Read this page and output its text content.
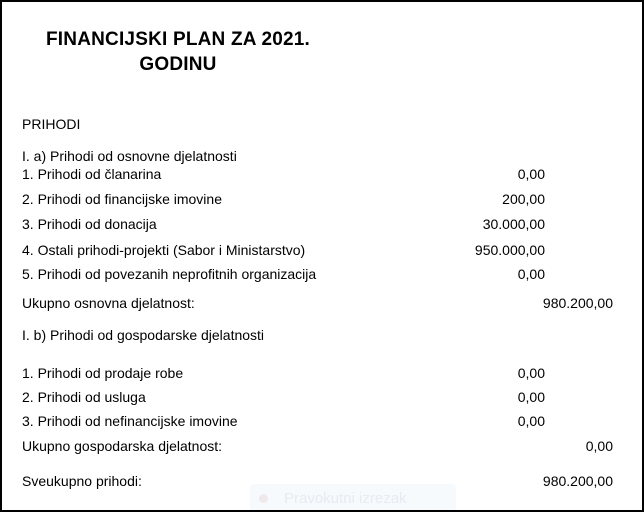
FINANCIJSKI PLAN ZA 2021.
GODINU
PRIHODI
I. a) Prihodi od osnovne djelatnosti
1. Prihodi od članarina	0,00
2. Prihodi od financijske imovine	200,00
3. Prihodi od donacija	30.000,00
4. Ostali prihodi-projekti (Sabor i Ministarstvo)	950.000,00
5. Prihodi od povezanih neprofitnih organizacija	0,00
Ukupno osnovna djelatnost:	980.200,00
I. b) Prihodi od gospodarske djelatnosti
1. Prihodi od prodaje robe	0,00
2. Prihodi od usluga	0,00
3. Prihodi od nefinancijske imovine	0,00
Ukupno gospodarska djelatnost:	0,00
Sveukupno prihodi:	980.200,00
Pravokutni izrezak
